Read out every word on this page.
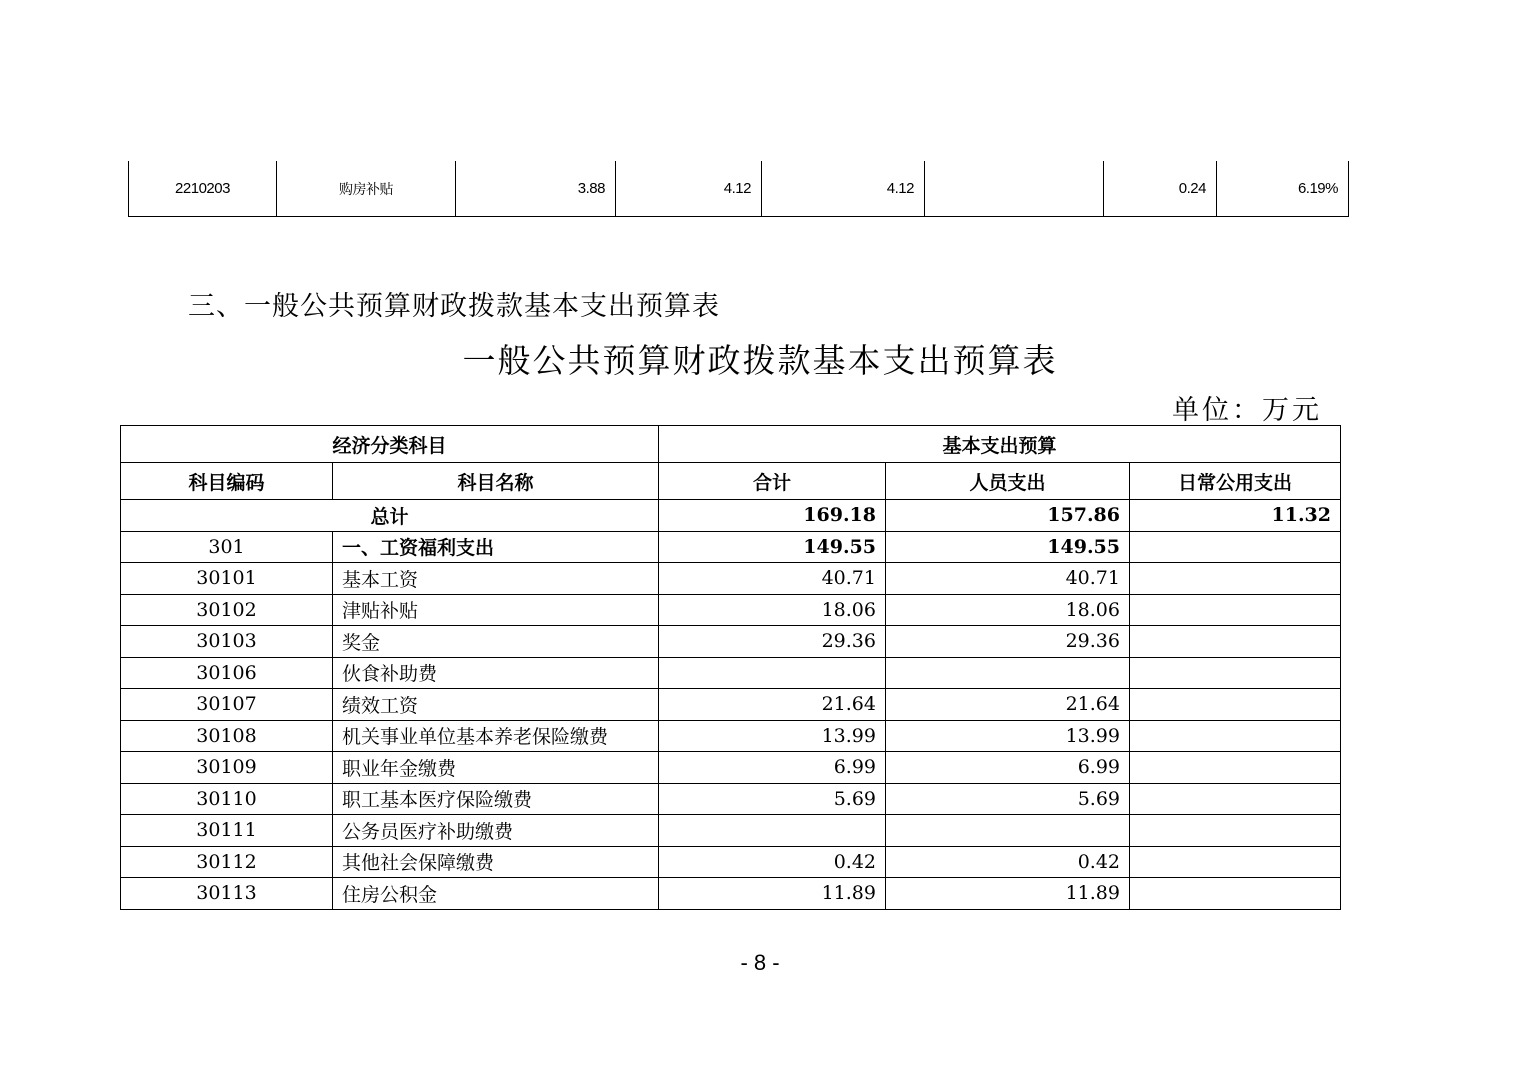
2210203	购房补贴	3.88	4.12	4.12		0.24	6.19%
三、一般公共预算财政拨款基本支出预算表
一般公共预算财政拨款基本支出预算表
单位：万元
经济分类科目		基本支出预算		
科目编码	科目名称	合计	人员支出	日常公用支出
总计		169.18	157.86	11.32
301	一、工资福利支出	149.55	149.55	
30101	基本工资	40.71	40.71	
30102	津贴补贴	18.06	18.06	
30103	奖金	29.36	29.36	
30106	伙食补助费			
30107	绩效工资	21.64	21.64	
30108	机关事业单位基本养老保险缴费	13.99	13.99	
30109	职业年金缴费	6.99	6.99	
30110	职工基本医疗保险缴费	5.69	5.69	
30111	公务员医疗补助缴费			
30112	其他社会保障缴费	0.42	0.42	
30113	住房公积金	11.89	11.89	
- 8 -
